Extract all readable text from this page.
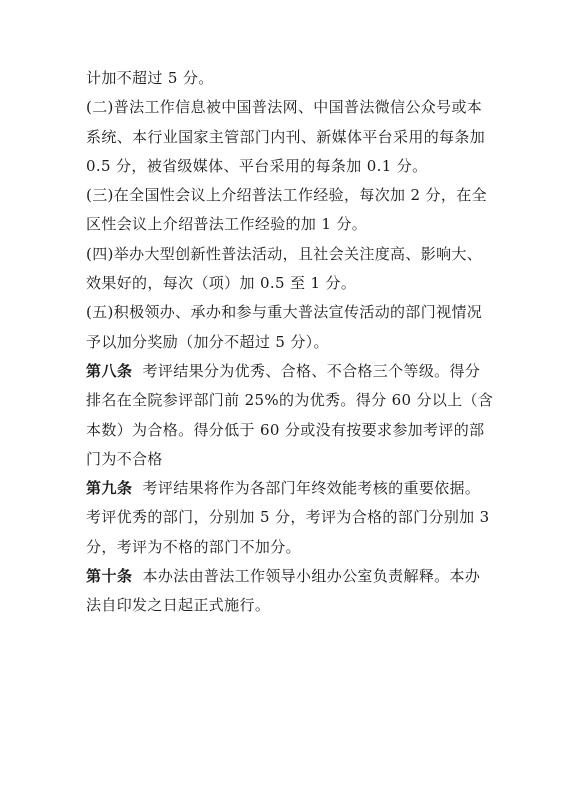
计加不超过 5 分。
(二)普法工作信息被中国普法网、中国普法微信公众号或本
系统、本行业国家主管部门内刊、新媒体平台采用的每条加
0.5 分，被省级媒体、平台采用的每条加 0.1 分。
(三)在全国性会议上介绍普法工作经验，每次加 2 分，在全
区性会议上介绍普法工作经验的加 1 分。
(四)举办大型创新性普法活动，且社会关注度高、影响大、
效果好的，每次（项）加 0.5 至 1 分。
(五)积极领办、承办和参与重大普法宣传活动的部门视情况
予以加分奖励（加分不超过 5 分）。
第八条 考评结果分为优秀、合格、不合格三个等级。得分
排名在全院参评部门前 25%的为优秀。得分 60 分以上（含
本数）为合格。得分低于 60 分或没有按要求参加考评的部
门为不合格
第九条 考评结果将作为各部门年终效能考核的重要依据。
考评优秀的部门，分别加 5 分，考评为合格的部门分别加 3
分，考评为不格的部门不加分。
第十条 本办法由普法工作领导小组办公室负责解释。本办
法自印发之日起正式施行。
